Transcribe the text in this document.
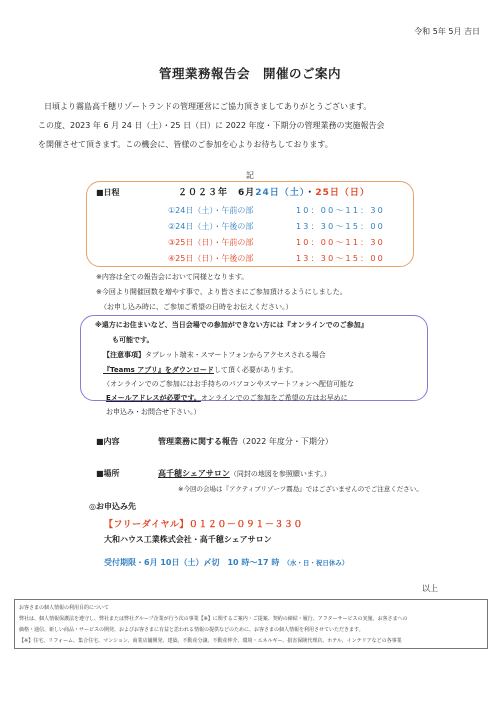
令和 5年 5月 吉日
管理業務報告会　開催のご案内
日頃より霧島高千穂リゾートランドの管理運営にご協力頂きましてありがとうございます。
この度、2023 年 6 月 24 日（土）・25 日（日）に 2022 年度・下期分の管理業務の実施報告会
を開催させて頂きます。この機会に、皆様のご参加を心よりお待ちしております。
記
■日程	２０２３年　6月24日（土）・25日（日）
①24日（土）・午前の部	10：00〜11：30
②24日（土）・午後の部	13：30〜15：00
③25日（日）・午前の部	10：00〜11：30
④25日（日）・午後の部	13：30〜15：00
※内容は全ての報告会において同様となります。
※今回より開催回数を増やす事で、より皆さまにご参加頂けるようにしました。
（お申し込み時に、ご参加ご希望の日時をお伝えください。）
※遠方にお住まいなど、当日会場での参加ができない方には『オンラインでのご参加』
も可能です。
【注意事項】タブレット端末・スマートフォンからアクセスされる場合
『Teams アプリ』をダウンロードして頂く必要があります。
（オンラインでのご参加にはお手持ちのパソコンやスマートフォンへ配信可能な
Eメールアドレスが必要です。オンラインでのご参加をご希望の方はお早めに
お申込み・お問合せ下さい。）
■内容	管理業務に関する報告（2022 年度分・下期分）
■場所	高千穂シェアサロン（同封の地図を参照願います。）
※今回の会場は『アクティブリゾーツ霧島』ではございませんのでご注意ください。
◎お申込み先
【フリーダイヤル】０１２０－０９１－３３０
大和ハウス工業株式会社・高千穂シェアサロン
受付期限・6月 10日（土）〆切　10 時〜17 時 （水・日・祝日休み）
以上
お客さまの個人情報の利用目的について
弊社は、個人情報保護法を遵守し、弊社または弊社グループ企業が行う次の事業【※】に関するご案内・ご提案、契約の締結・履行、アフターサービスの実施、お客さまへの
価格・通信、新しい商品・サービスの開発、およびお客さまに有益と思われる情報の提供などのために、お客さまの個人情報を利用させていただきます。
【※】住宅、リフォーム、集合住宅、マンション、商業店舗開発、建築、不動産分譲、不動産仲介、環境・エネルギー、損害保険代理店、ホテル、インテリアなどの各事業
